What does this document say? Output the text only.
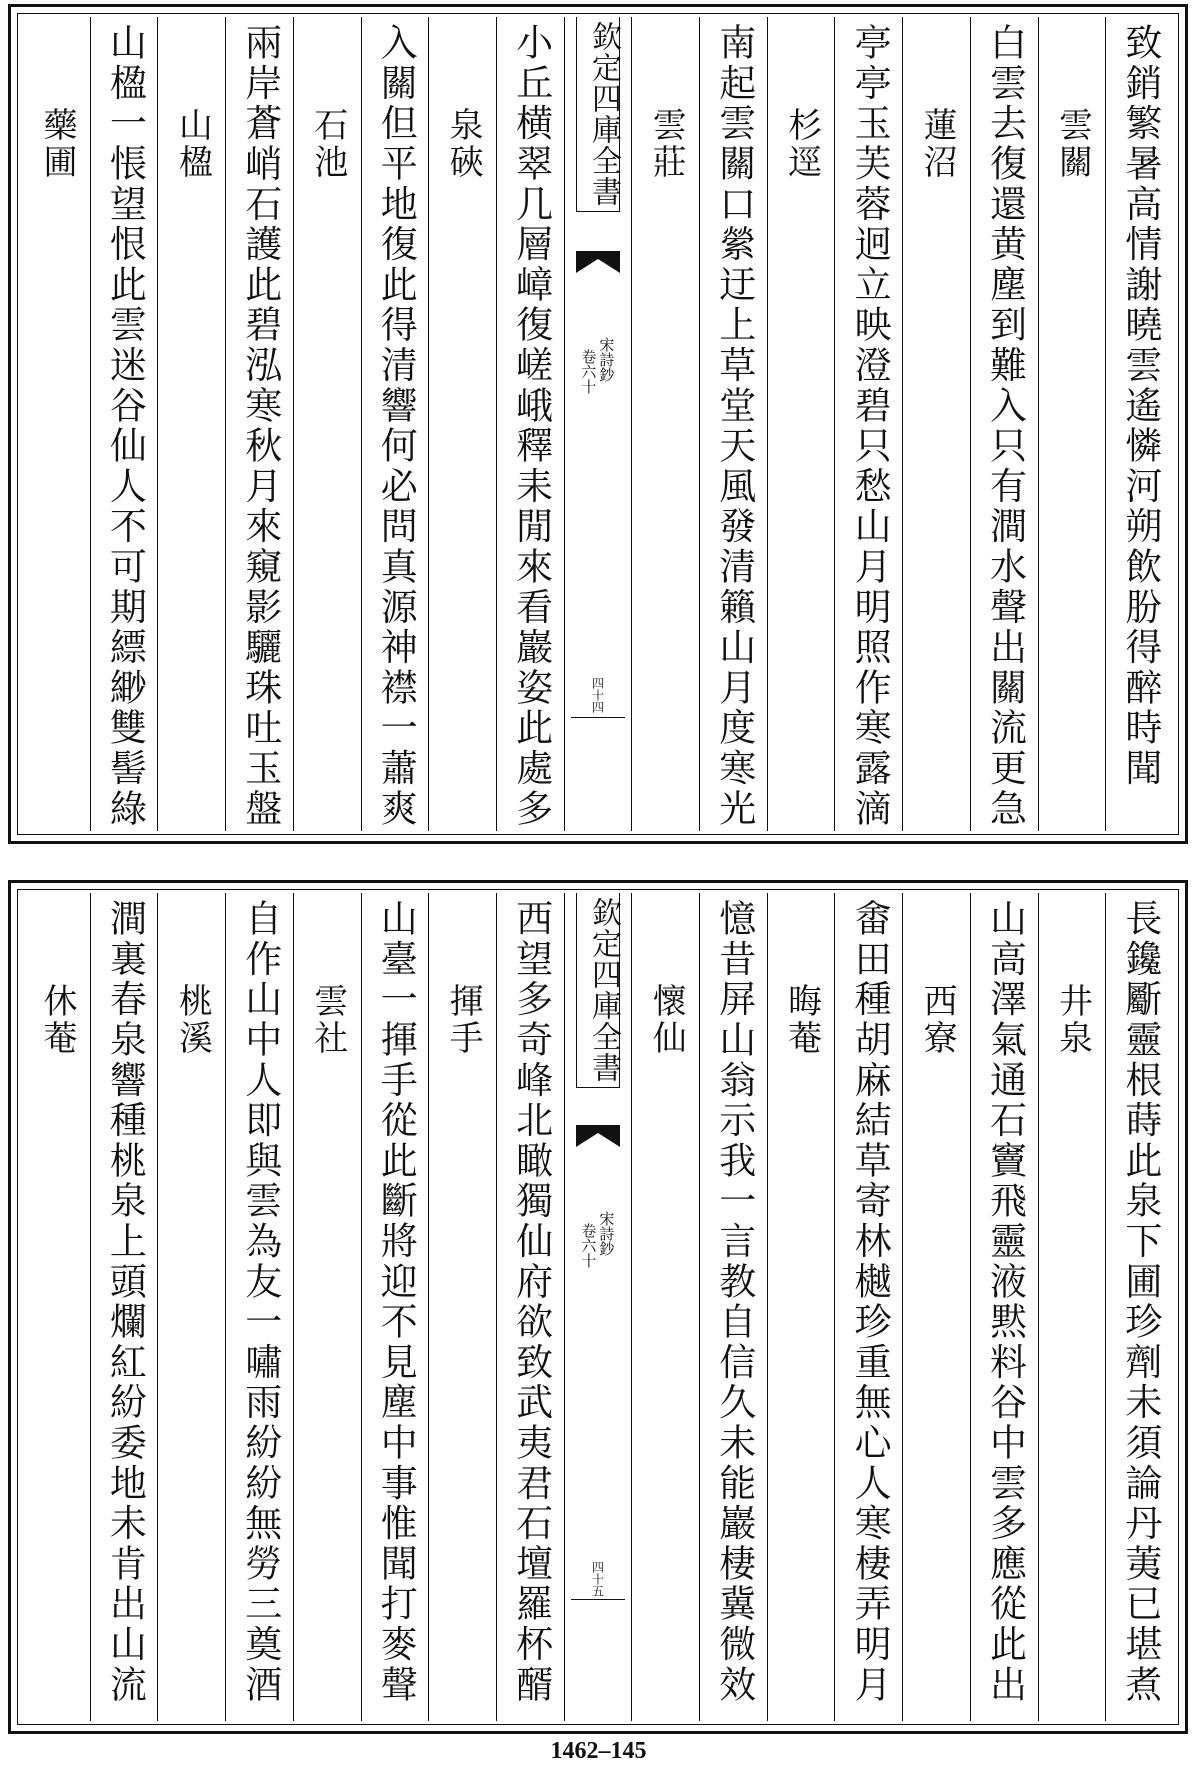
致銷繁暑高情謝曉雲遙憐河朔飲朌得醉時聞
雲關
白雲去復還黄塵到難入只有澗水聲出關流更急
蓮沼
亭亭玉芙蓉迥立映澄碧只愁山月明照作寒露滴
杉逕
南起雲關口縈迂上草堂天風發清籟山月度寒光
雲莊
欽定四庫全書
宋詩鈔
卷六十
四十四
小丘横翠几層嶂復嵯峨釋耒閒來看巖姿此處多
泉硤
入關但平地復此得清響何必問真源神襟一蕭爽
石池
兩岸蒼峭石護此碧泓寒秋月來窺影驪珠吐玉盤
山楹
山楹一悵望恨此雲迷谷仙人不可期縹緲雙髻綠
藥圃
長鑱斸靈根蒔此泉下圃珍劑未須論丹荑已堪煮
井泉
山高澤氣通石竇飛靈液黙料谷中雲多應從此出
西寮
畬田種胡麻結草寄林樾珍重無心人寒棲弄明月
晦菴
憶昔屏山翁示我一言教自信久未能巖棲冀微效
懷仙
欽定四庫全書
宋詩鈔
卷六十
四十五
西望多奇峰北瞰獨仙府欲致武夷君石壇羅杯醑
揮手
山臺一揮手從此斷將迎不見塵中事惟聞打麥聲
雲社
自作山中人即與雲為友一嘯雨紛紛無勞三奠酒
桃溪
澗裏春泉響種桃泉上頭爛紅紛委地未肯出山流
休菴
1462–145
